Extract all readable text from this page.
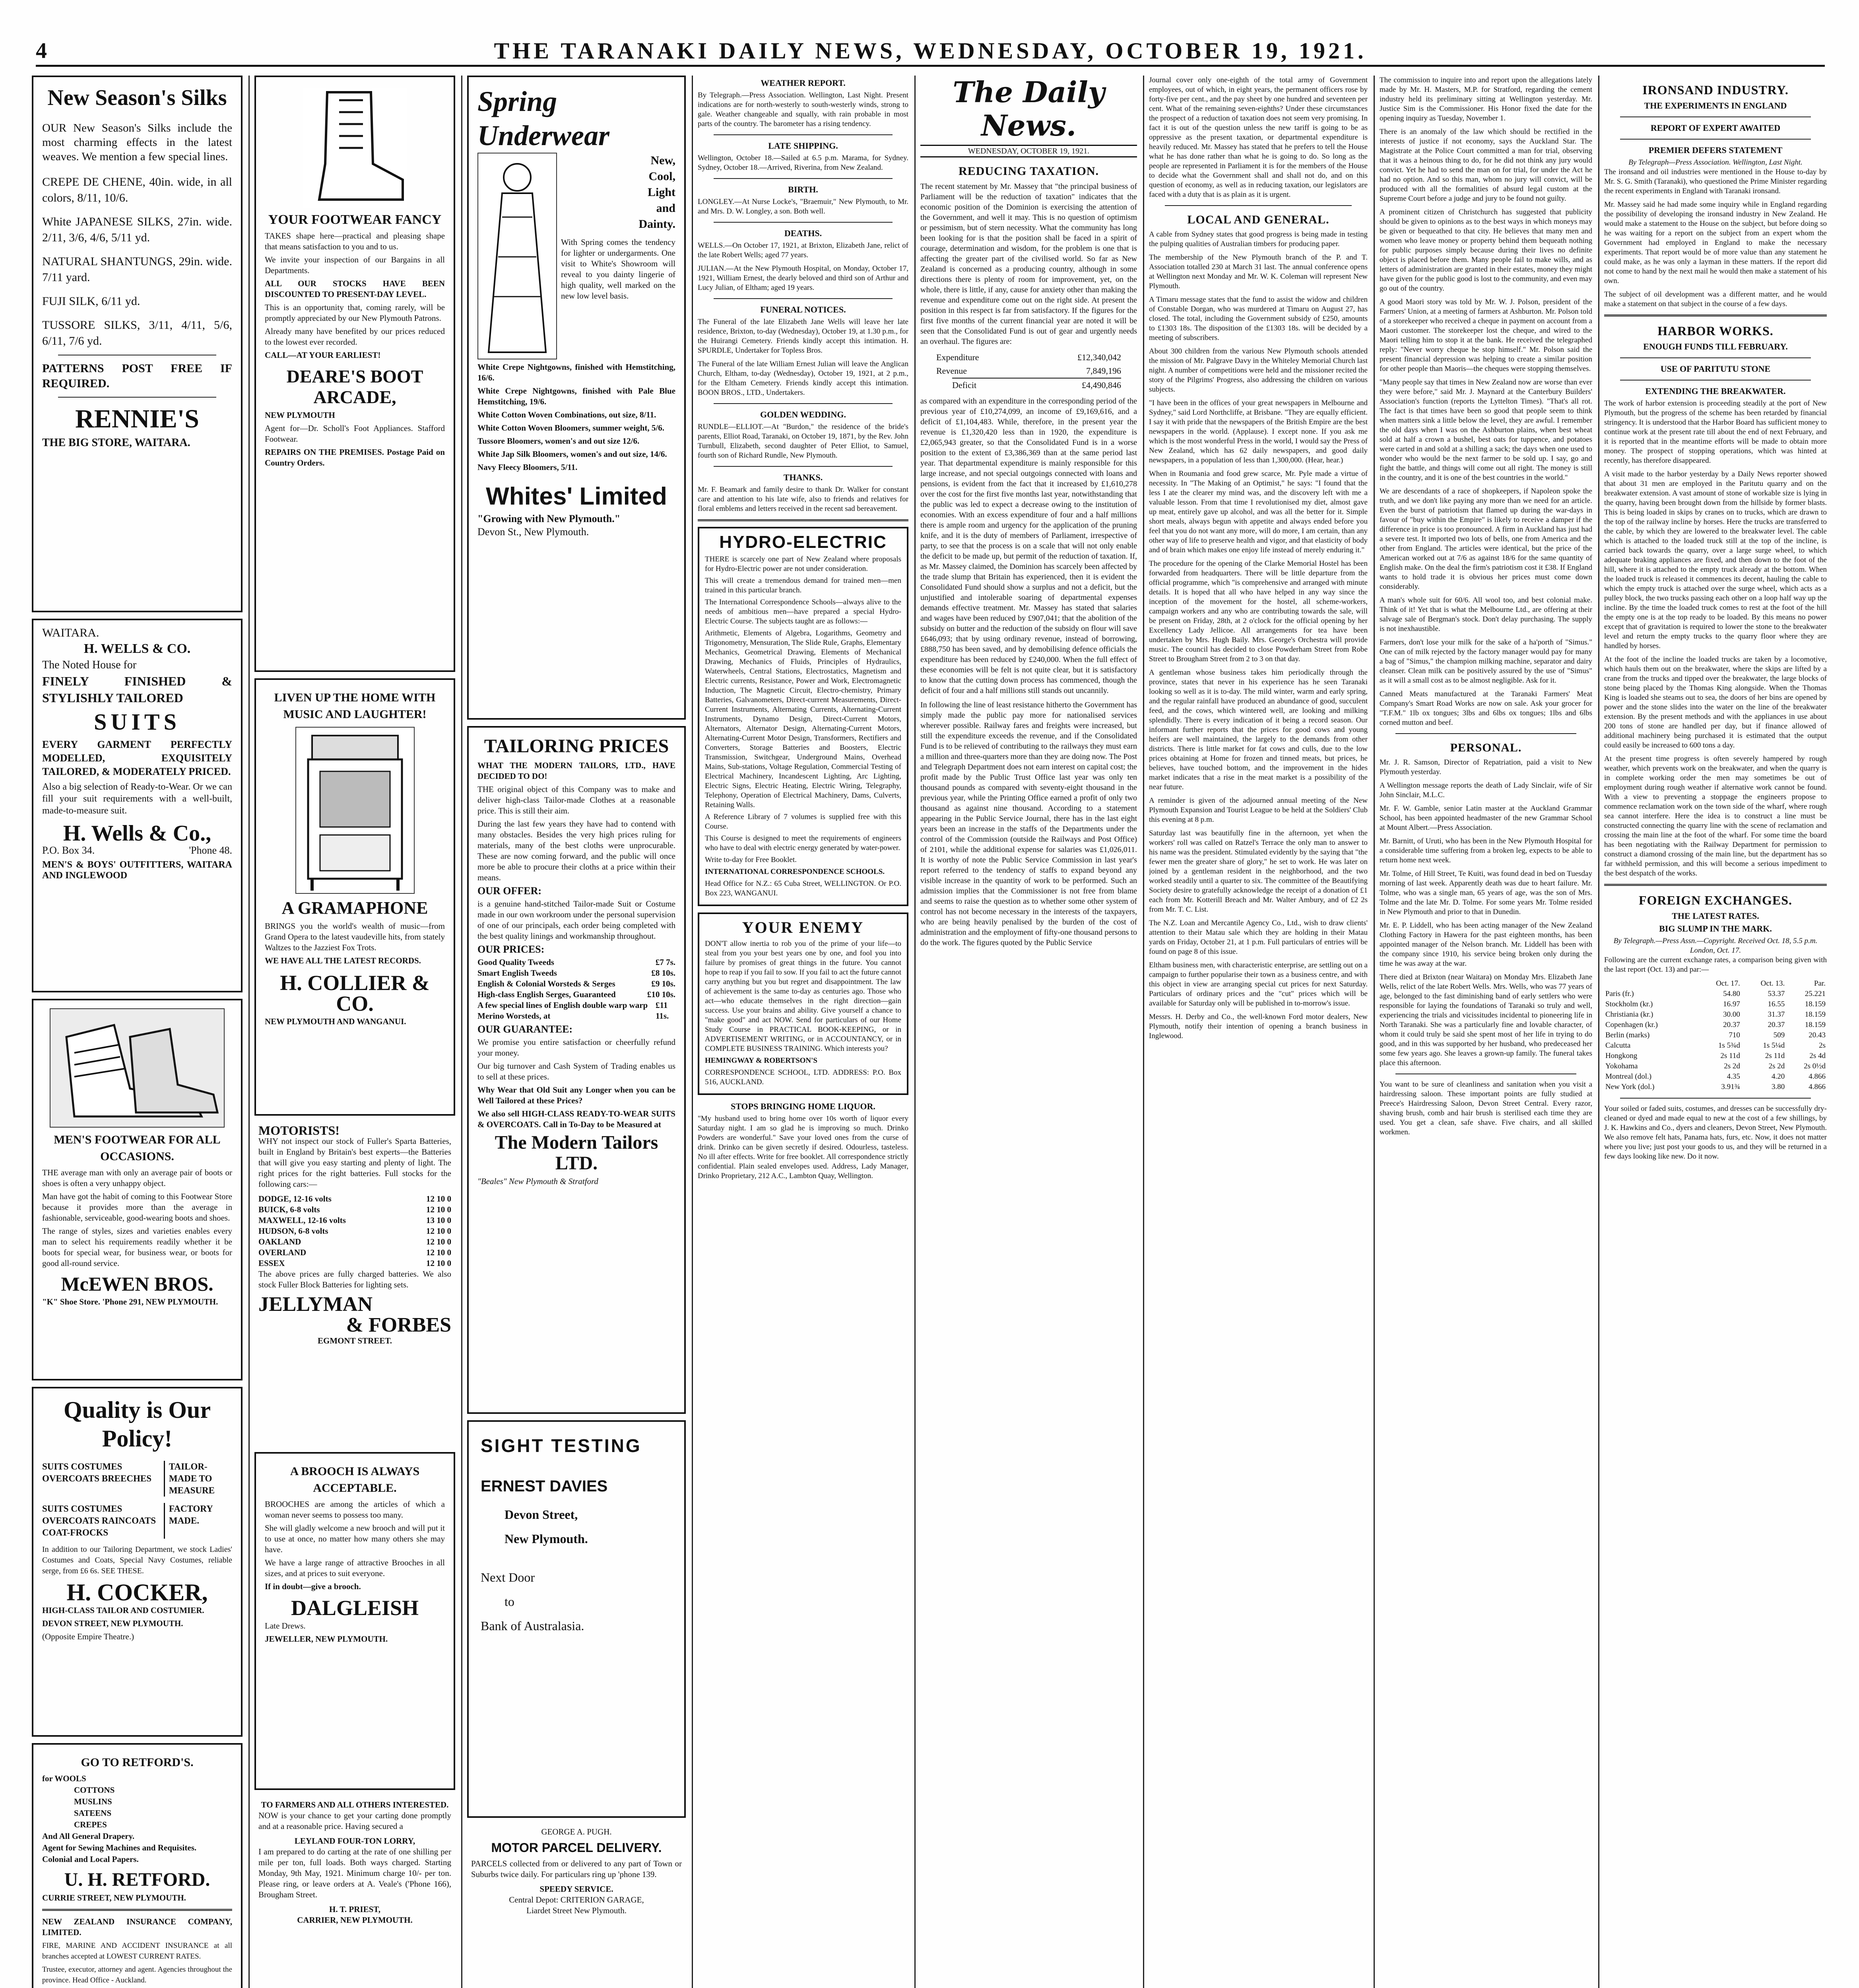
4	THE TARANAKI DAILY NEWS, WEDNESDAY, OCTOBER 19, 1921.
New Season's Silks

OUR New Season's Silks include the most charming effects in the latest weaves. We mention a few special lines.

CREPE DE CHENE, 40in. wide, in all colors, 8/11, 10/6.

White JAPANESE SILKS, 27in. wide. 2/11, 3/6, 4/6, 5/11 yd.

NATURAL SHANTUNGS, 29in. wide. 7/11 yard.

FUJI SILK, 6/11 yd.

TUSSORE SILKS, 3/11, 4/11, 5/6, 6/11, 7/6 yd.

PATTERNS POST FREE IF REQUIRED.

RENNIE'S

THE BIG STORE, WAITARA.

WAITARA.

H. WELLS & CO.

The Noted House for

FINELY FINISHED & STYLISHLY TAILORED

SUITS

EVERY GARMENT PERFECTLY MODELLED, EXQUISITELY TAILORED, & MODERATELY PRICED.

Also a big selection of Ready-to-Wear. Or we can fill your suit requirements with a well-built, made-to-measure suit.

H. Wells & Co.,
P.O. Box 34.	'Phone 48.

MEN'S & BOYS' OUTFITTERS, WAITARA AND INGLEWOOD

MEN'S FOOTWEAR FOR ALL OCCASIONS.

THE average man with only an average pair of boots or shoes is often a very unhappy object.

Man have got the habit of coming to this Footwear Store because it provides more than the average in fashionable, serviceable, good-wearing boots and shoes.

The range of styles, sizes and varieties enables every man to select his requirements readily whether it be boots for special wear, for business wear, or boots for good all-round service.

McEWEN BROS.

"K" Shoe Store. 'Phone 291, NEW PLYMOUTH.

Quality is Our Policy!
SUITS COSTUMES OVERCOATS BREECHES
TAILOR-MADE TO MEASURE
SUITS COSTUMES OVERCOATS RAINCOATS COAT-FROCKS
FACTORY MADE.

In addition to our Tailoring Department, we stock Ladies' Costumes and Coats, Special Navy Costumes, reliable serge, from £6 6s. SEE THESE.

H. COCKER,

HIGH-CLASS TAILOR AND COSTUMIER.

DEVON STREET, NEW PLYMOUTH.

(Opposite Empire Theatre.)

GO TO RETFORD'S.

for WOOLS

COTTONS

MUSLINS

SATEENS

CREPES

And All General Drapery.

Agent for Sewing Machines and Requisites.

Colonial and Local Papers.

U. H. RETFORD.

CURRIE STREET, NEW PLYMOUTH.

NEW ZEALAND INSURANCE COMPANY, LIMITED.

FIRE, MARINE AND ACCIDENT INSURANCE at all branches accepted at LOWEST CURRENT RATES.

Trustee, executor, attorney and agent. Agencies throughout the province. Head Office - Auckland.

YOUR FOOTWEAR FANCY

TAKES shape here—practical and pleasing shape that means satisfaction to you and to us.

We invite your inspection of our Bargains in all Departments.

ALL OUR STOCKS HAVE BEEN DISCOUNTED TO PRESENT-DAY LEVEL.

This is an opportunity that, coming rarely, will be promptly appreciated by our New Plymouth Patrons.

Already many have benefited by our prices reduced to the lowest ever recorded.

CALL—AT YOUR EARLIEST!

DEARE'S BOOT ARCADE,

NEW PLYMOUTH

Agent for—Dr. Scholl's Foot Appliances. Stafford Footwear.

REPAIRS ON THE PREMISES. Postage Paid on Country Orders.

LIVEN UP THE HOME WITH MUSIC AND LAUGHTER!
A GRAMAPHONE

BRINGS you the world's wealth of music—from Grand Opera to the latest vaudeville hits, from stately Waltzes to the Jazziest Fox Trots.

WE HAVE ALL THE LATEST RECORDS.

H. COLLIER & CO.

NEW PLYMOUTH AND WANGANUI.

MOTORISTS!

WHY not inspect our stock of Fuller's Sparta Batteries, built in England by Britain's best experts—the Batteries that will give you easy starting and plenty of light. The right prices for the right batteries. Full stocks for the following cars:—

DODGE, 12-16 volts	12 10 0
BUICK, 6-8 volts	12 10 0
MAXWELL, 12-16 volts	13 10 0
HUDSON, 6-8 volts	12 10 0
OAKLAND	12 10 0
OVERLAND	12 10 0
ESSEX	12 10 0

The above prices are fully charged batteries. We also stock Fuller Block Batteries for lighting sets.

JELLYMAN
& FORBES

EGMONT STREET.

A BROOCH IS ALWAYS ACCEPTABLE.

BROOCHES are among the articles of which a woman never seems to possess too many.

She will gladly welcome a new brooch and will put it to use at once, no matter how many others she may have.

We have a large range of attractive Brooches in all sizes, and at prices to suit everyone.

If in doubt—give a brooch.

DALGLEISH

Late Drews.

JEWELLER, NEW PLYMOUTH.

TO FARMERS AND ALL OTHERS INTERESTED.

NOW is your chance to get your carting done promptly and at a reasonable price. Having secured a

LEYLAND FOUR-TON LORRY,

I am prepared to do carting at the rate of one shilling per mile per ton, full loads. Both ways charged. Starting Monday, 9th May, 1921. Minimum charge 10/- per ton. Please ring, or leave orders at A. Veale's ('Phone 166), Brougham Street.

H. T. PRIEST,

CARRIER, NEW PLYMOUTH.

Spring
Underwear
New,
Cool,
Light
and
Dainty.

With Spring comes the tendency for lighter or undergarments. One visit to White's Showroom will reveal to you dainty lingerie of high quality, well marked on the new low level basis.

White Crepe Nightgowns, finished with Hemstitching, 16/6.

White Crepe Nightgowns, finished with Pale Blue Hemstitching, 19/6.

White Cotton Woven Combinations, out size, 8/11.

White Cotton Woven Bloomers, summer weight, 5/6.

Tussore Bloomers, women's and out size 12/6.

White Jap Silk Bloomers, women's and out size, 14/6.

Navy Fleecy Bloomers, 5/11.

Whites' Limited

"Growing with New Plymouth."

Devon St., New Plymouth.

TAILORING PRICES

WHAT THE MODERN TAILORS, LTD., HAVE DECIDED TO DO!

THE original object of this Company was to make and deliver high-class Tailor-made Clothes at a reasonable price. This is still their aim.

During the last few years they have had to contend with many obstacles. Besides the very high prices ruling for materials, many of the best cloths were unprocurable. These are now coming forward, and the public will once more be able to procure their cloths at a price within their means.

OUR OFFER:

is a genuine hand-stitched Tailor-made Suit or Costume made in our own workroom under the personal supervision of one of our principals, each order being completed with the best quality linings and workmanship throughout.

OUR PRICES:

Good Quality Tweeds	£7 7s.
Smart English Tweeds	£8 10s.
English & Colonial Worsteds & Serges	£9 10s.
High-class English Serges, Guaranteed	£10 10s.
A few special lines of English double warp warp Merino Worsteds, at
£11 11s.

OUR GUARANTEE:

We promise you entire satisfaction or cheerfully refund your money.

Our big turnover and Cash System of Trading enables us to sell at these prices.

Why Wear that Old Suit any Longer when you can be Well Tailored at these Prices?

We also sell HIGH-CLASS READY-TO-WEAR SUITS & OVERCOATS. Call in To-Day to be Measured at

The Modern Tailors LTD.

"Beales" New Plymouth & Stratford

SIGHT TESTING
ERNEST DAVIES
Devon Street,
New Plymouth.
Next Door
to
Bank of Australasia.

GEORGE A. PUGH.

MOTOR PARCEL DELIVERY.

PARCELS collected from or delivered to any part of Town or Suburbs twice daily. For particulars ring up 'phone 139.

SPEEDY SERVICE.

Central Depot: CRITERION GARAGE,

Liardet Street New Plymouth.

WEATHER REPORT.

By Telegraph.—Press Association. Wellington, Last Night. Present indications are for north-westerly to south-westerly winds, strong to gale. Weather changeable and squally, with rain probable in most parts of the country. The barometer has a rising tendency.

LATE SHIPPING.

Wellington, October 18.—Sailed at 6.5 p.m. Marama, for Sydney. Sydney, October 18.—Arrived, Riverina, from New Zealand.

BIRTH.

LONGLEY.—At Nurse Locke's, "Braemuir," New Plymouth, to Mr. and Mrs. D. W. Longley, a son. Both well.

DEATHS.

WELLS.—On October 17, 1921, at Brixton, Elizabeth Jane, relict of the late Robert Wells; aged 77 years.

JULIAN.—At the New Plymouth Hospital, on Monday, October 17, 1921, William Ernest, the dearly beloved and third son of Arthur and Lucy Julian, of Eltham; aged 19 years.

FUNERAL NOTICES.

The Funeral of the late Elizabeth Jane Wells will leave her late residence, Brixton, to-day (Wednesday), October 19, at 1.30 p.m., for the Huirangi Cemetery. Friends kindly accept this intimation. H. SPURDLE, Undertaker for Topless Bros.

The Funeral of the late William Ernest Julian will leave the Anglican Church, Eltham, to-day (Wednesday), October 19, 1921, at 2 p.m., for the Eltham Cemetery. Friends kindly accept this intimation. BOON BROS., LTD., Undertakers.

GOLDEN WEDDING.

RUNDLE—ELLIOT.—At "Burdon," the residence of the bride's parents, Elliot Road, Taranaki, on October 19, 1871, by the Rev. John Turnbull, Elizabeth, second daughter of Peter Elliot, to Samuel, fourth son of Richard Rundle, New Plymouth.

THANKS.

Mr. F. Beamark and family desire to thank Dr. Walker for constant care and attention to his late wife, also to friends and relatives for floral emblems and letters received in the recent sad bereavement.

HYDRO-ELECTRIC

THERE is scarcely one part of New Zealand where proposals for Hydro-Electric power are not under consideration.

This will create a tremendous demand for trained men—men trained in this particular branch.

The International Correspondence Schools—always alive to the needs of ambitious men—have prepared a special Hydro-Electric Course. The subjects taught are as follows:—

Arithmetic, Elements of Algebra, Logarithms, Geometry and Trigonometry, Mensuration, The Slide Rule, Graphs, Elementary Mechanics, Geometrical Drawing, Elements of Mechanical Drawing, Mechanics of Fluids, Principles of Hydraulics, Waterwheels, Central Stations, Electrostatics, Magnetism and Electric currents, Resistance, Power and Work, Electromagnetic Induction, The Magnetic Circuit, Electro-chemistry, Primary Batteries, Galvanometers, Direct-current Measurements, Direct-Current Instruments, Alternating Currents, Alternating-Current Instruments, Dynamo Design, Direct-Current Motors, Alternators, Alternator Design, Alternating-Current Motors, Alternating-Current Motor Design, Transformers, Rectifiers and Converters, Storage Batteries and Boosters, Electric Transmission, Switchgear, Underground Mains, Overhead Mains, Sub-stations, Voltage Regulation, Commercial Testing of Electrical Machinery, Incandescent Lighting, Arc Lighting, Electric Signs, Electric Heating, Electric Wiring, Telegraphy, Telephony, Operation of Electrical Machinery, Dams, Culverts, Retaining Walls.

A Reference Library of 7 volumes is supplied free with this Course.

This Course is designed to meet the requirements of engineers who have to deal with electric energy generated by water-power.

Write to-day for Free Booklet.

INTERNATIONAL CORRESPONDENCE SCHOOLS.

Head Office for N.Z.: 65 Cuba Street, WELLINGTON. Or P.O. Box 223, WANGANUI.

YOUR ENEMY

DON'T allow inertia to rob you of the prime of your life—to steal from you your best years one by one, and fool you into failure by promises of great things in the future. You cannot hope to reap if you fail to sow. If you fail to act the future cannot carry anything but you but regret and disappointment. The law of achievement is the same to-day as centuries ago. Those who act—who educate themselves in the right direction—gain success. Use your brains and ability. Give yourself a chance to "make good" and act NOW. Send for particulars of our Home Study Course in PRACTICAL BOOK-KEEPING, or in ADVERTISEMENT WRITING, or in ACCOUNTANCY, or in COMPLETE BUSINESS TRAINING. Which interests you?

HEMINGWAY & ROBERTSON'S

CORRESPONDENCE SCHOOL, LTD. ADDRESS: P.O. Box 516, AUCKLAND.

STOPS BRINGING HOME LIQUOR.

"My husband used to bring home over 10s worth of liquor every Saturday night. I am so glad he is improving so much. Drinko Powders are wonderful." Save your loved ones from the curse of drink. Drinko can be given secretly if desired. Odourless, tasteless. No ill after effects. Write for free booklet. All correspondence strictly confidential. Plain sealed envelopes used. Address, Lady Manager, Drinko Proprietary, 212 A.C., Lambton Quay, Wellington.

The Daily News.
WEDNESDAY, OCTOBER 19, 1921.
REDUCING TAXATION.

The recent statement by Mr. Massey that "the principal business of Parliament will be the reduction of taxation" indicates that the economic position of the Dominion is exercising the attention of the Government, and well it may. This is no question of optimism or pessimism, but of stern necessity. What the community has long been looking for is that the position shall be faced in a spirit of courage, determination and wisdom, for the problem is one that is affecting the greater part of the civilised world. So far as New Zealand is concerned as a producing country, although in some directions there is plenty of room for improvement, yet, on the whole, there is little, if any, cause for anxiety other than making the revenue and expenditure come out on the right side. At present the position in this respect is far from satisfactory. If the figures for the first five months of the current financial year are noted it will be seen that the Consolidated Fund is out of gear and urgently needs an overhaul. The figures are:

Expenditure	£12,340,042
Revenue	7,849,196
Deficit	£4,490,846

as compared with an expenditure in the corresponding period of the previous year of £10,274,099, an income of £9,169,616, and a deficit of £1,104,483. While, therefore, in the present year the revenue is £1,320,420 less than in 1920, the expenditure is £2,065,943 greater, so that the Consolidated Fund is in a worse position to the extent of £3,386,369 than at the same period last year. That departmental expenditure is mainly responsible for this large increase, and not special outgoings connected with loans and pensions, is evident from the fact that it increased by £1,610,278 over the cost for the first five months last year, notwithstanding that the public was led to expect a decrease owing to the institution of economies. With an excess expenditure of four and a half millions there is ample room and urgency for the application of the pruning knife, and it is the duty of members of Parliament, irrespective of party, to see that the process is on a scale that will not only enable the deficit to be made up, but permit of the reduction of taxation. If, as Mr. Massey claimed, the Dominion has scarcely been affected by the trade slump that Britain has experienced, then it is evident the Consolidated Fund should show a surplus and not a deficit, but the unjustified and intolerable soaring of departmental expenses demands effective treatment. Mr. Massey has stated that salaries and wages have been reduced by £907,041; that the abolition of the subsidy on butter and the reduction of the subsidy on flour will save £646,093; that by using ordinary revenue, instead of borrowing, £888,750 has been saved, and by demobilising defence officials the expenditure has been reduced by £240,000. When the full effect of these economies will be felt is not quite clear, but it is satisfactory to know that the cutting down process has commenced, though the deficit of four and a half millions still stands out uncannily.

In following the line of least resistance hitherto the Government has simply made the public pay more for nationalised services wherever possible. Railway fares and freights were increased, but still the expenditure exceeds the revenue, and if the Consolidated Fund is to be relieved of contributing to the railways they must earn a million and three-quarters more than they are doing now. The Post and Telegraph Department does not earn interest on capital cost; the profit made by the Public Trust Office last year was only ten thousand pounds as compared with seventy-eight thousand in the previous year, while the Printing Office earned a profit of only two thousand as against nine thousand. According to a statement appearing in the Public Service Journal, there has in the last eight years been an increase in the staffs of the Departments under the control of the Commission (outside the Railways and Post Office) of 2101, while the additional expense for salaries was £1,026,011. It is worthy of note the Public Service Commission in last year's report referred to the tendency of staffs to expand beyond any visible increase in the quantity of work to be performed. Such an admission implies that the Commissioner is not free from blame and seems to raise the question as to whether some other system of control has not become necessary in the interests of the taxpayers, who are being heavily penalised by the burden of the cost of administration and the employment of fifty-one thousand persons to do the work. The figures quoted by the Public Service

Journal cover only one-eighth of the total army of Government employees, out of which, in eight years, the permanent officers rose by forty-five per cent., and the pay sheet by one hundred and seventeen per cent. What of the remaining seven-eighths? Under these circumstances the prospect of a reduction of taxation does not seem very promising. In fact it is out of the question unless the new tariff is going to be as oppressive as the present taxation, or departmental expenditure is heavily reduced. Mr. Massey has stated that he prefers to tell the House what he has done rather than what he is going to do. So long as the people are represented in Parliament it is for the members of the House to decide what the Government shall and shall not do, and on this question of economy, as well as in reducing taxation, our legislators are faced with a duty that is as plain as it is urgent.

LOCAL AND GENERAL.

A cable from Sydney states that good progress is being made in testing the pulping qualities of Australian timbers for producing paper.

The membership of the New Plymouth branch of the P. and T. Association totalled 230 at March 31 last. The annual conference opens at Wellington next Monday and Mr. W. K. Coleman will represent New Plymouth.

A Timaru message states that the fund to assist the widow and children of Constable Dorgan, who was murdered at Timaru on August 27, has closed. The total, including the Government subsidy of £250, amounts to £1303 18s. The disposition of the £1303 18s. will be decided by a meeting of subscribers.

About 300 children from the various New Plymouth schools attended the mission of Mr. Palgrave Davy in the Whiteley Memorial Church last night. A number of competitions were held and the missioner recited the story of the Pilgrims' Progress, also addressing the children on various subjects.

"I have been in the offices of your great newspapers in Melbourne and Sydney," said Lord Northcliffe, at Brisbane. "They are equally efficient. I say it with pride that the newspapers of the British Empire are the best newspapers in the world. (Applause). I except none. If you ask me which is the most wonderful Press in the world, I would say the Press of New Zealand, which has 62 daily newspapers, and good daily newspapers, in a population of less than 1,300,000. (Hear, hear.)

When in Roumania and food grew scarce, Mr. Pyle made a virtue of necessity. In "The Making of an Optimist," he says: "I found that the less I ate the clearer my mind was, and the discovery left with me a valuable lesson. From that time I revolutionised my diet, almost gave up meat, entirely gave up alcohol, and was all the better for it. Simple short meals, always begun with appetite and always ended before you feel that you do not want any more, will do more, I am certain, than any other way of life to preserve health and vigor, and that elasticity of body and of brain which makes one enjoy life instead of merely enduring it."

The procedure for the opening of the Clarke Memorial Hostel has been forwarded from headquarters. There will be little departure from the official programme, which "is comprehensive and arranged with minute details. It is hoped that all who have helped in any way since the inception of the movement for the hostel, all scheme-workers, campaign workers and any who are contributing towards the sale, will be present on Friday, 28th, at 2 o'clock for the official opening by her Excellency Lady Jellicoe. All arrangements for tea have been undertaken by Mrs. Hugh Baily. Mrs. George's Orchestra will provide music. The council has decided to close Powderham Street from Robe Street to Brougham Street from 2 to 3 on that day.

A gentleman whose business takes him periodically through the province, states that never in his experience has he seen Taranaki looking so well as it is to-day. The mild winter, warm and early spring, and the regular rainfall have produced an abundance of good, succulent feed, and the cows, which wintered well, are looking and milking splendidly. There is every indication of it being a record season. Our informant further reports that the prices for good cows and young heifers are well maintained, the largely to the demands from other districts. There is little market for fat cows and culls, due to the low prices obtaining at Home for frozen and tinned meats, but prices, he believes, have touched bottom, and the improvement in the hides market indicates that a rise in the meat market is a possibility of the near future.

A reminder is given of the adjourned annual meeting of the New Plymouth Expansion and Tourist League to be held at the Soldiers' Club this evening at 8 p.m.

Saturday last was beautifully fine in the afternoon, yet when the workers' roll was called on Ratzel's Terrace the only man to answer to his name was the president. Stimulated evidently by the saying that "the fewer men the greater share of glory," he set to work. He was later on joined by a gentleman resident in the neighborhood, and the two worked steadily until a quarter to six. The committee of the Beautifying Society desire to gratefully acknowledge the receipt of a donation of £1 each from Mr. Kotterill Breach and Mr. Walter Ambury, and of £2 2s from Mr. T. C. List.

The N.Z. Loan and Mercantile Agency Co., Ltd., wish to draw clients' attention to their Matau sale which they are holding in their Matau yards on Friday, October 21, at 1 p.m. Full particulars of entries will be found on page 8 of this issue.

Eltham business men, with characteristic enterprise, are settling out on a campaign to further popularise their town as a business centre, and with this object in view are arranging special cut prices for next Saturday. Particulars of ordinary prices and the "cut" prices which will be available for Saturday only will be published in to-morrow's issue.

Messrs. H. Derby and Co., the well-known Ford motor dealers, New Plymouth, notify their intention of opening a branch business in Inglewood.

The commission to inquire into and report upon the allegations lately made by Mr. H. Masters, M.P. for Stratford, regarding the cement industry held its preliminary sitting at Wellington yesterday. Mr. Justice Sim is the Commissioner. His Honor fixed the date for the opening inquiry as Tuesday, November 1.

There is an anomaly of the law which should be rectified in the interests of justice if not economy, says the Auckland Star. The Magistrate at the Police Court committed a man for trial, observing that it was a heinous thing to do, for he did not think any jury would convict. Yet he had to send the man on for trial, for under the Act he had no option. And so this man, whom no jury will convict, will be produced with all the formalities of absurd legal custom at the Supreme Court before a judge and jury to be found not guilty.

A prominent citizen of Christchurch has suggested that publicity should be given to opinions as to the best ways in which moneys may be given or bequeathed to that city. He believes that many men and women who leave money or property behind them bequeath nothing for public purposes simply because during their lives no definite object is placed before them. Many people fail to make wills, and as letters of administration are granted in their estates, money they might have given for the public good is lost to the community, and even may go out of the country.

A good Maori story was told by Mr. W. J. Polson, president of the Farmers' Union, at a meeting of farmers at Ashburton. Mr. Polson told of a storekeeper who received a cheque in payment on account from a Maori customer. The storekeeper lost the cheque, and wired to the Maori telling him to stop it at the bank. He received the telegraphed reply: "Never worry cheque he stop himself." Mr. Polson said the present financial depression was helping to create a similar position for other people than Maoris—the cheques were stopping themselves.

"Many people say that times in New Zealand now are worse than ever they were before," said Mr. J. Maynard at the Canterbury Builders' Association's function (reports the Lyttelton Times). "That's all rot. The fact is that times have been so good that people seem to think when matters sink a little below the level, they are awful. I remember the old days when I was on the Ashburton plains, when best wheat sold at half a crown a bushel, best oats for tuppence, and potatoes were carted in and sold at a shilling a sack; the days when one used to wonder who would be the next farmer to be sold up. I say, go and fight the battle, and things will come out all right. The money is still in the country, and it is one of the best countries in the world."

We are descendants of a race of shopkeepers, if Napoleon spoke the truth, and we don't like paying any more than we need for an article. Even the burst of patriotism that flamed up during the war-days in favour of "buy within the Empire" is likely to receive a damper if the difference in price is too pronounced. A firm in Auckland has just had a severe test. It imported two lots of bells, one from America and the other from England. The articles were identical, but the price of the American worked out at 7/6 as against 18/6 for the same quantity of English make. On the deal the firm's patriotism cost it £38. If England wants to hold trade it is obvious her prices must come down considerably.

A man's whole suit for 60/6. All wool too, and best colonial make. Think of it! Yet that is what the Melbourne Ltd., are offering at their salvage sale of Bergman's stock. Don't delay purchasing. The supply is not inexhaustible.

Farmers, don't lose your milk for the sake of a ha'porth of "Simus." One can of milk rejected by the factory manager would pay for many a bag of "Simus," the champion milking machine, separator and dairy cleanser. Clean milk can be positively assured by the use of "Simus" as it will a small cost as to be almost negligible. Ask for it.

Canned Meats manufactured at the Taranaki Farmers' Meat Company's Smart Road Works are now on sale. Ask your grocer for "T.F.M." 1lb ox tongues; 3lbs and 6lbs ox tongues; 1lbs and 6lbs corned mutton and beef.

PERSONAL.

Mr. J. R. Samson, Director of Repatriation, paid a visit to New Plymouth yesterday.

A Wellington message reports the death of Lady Sinclair, wife of Sir John Sinclair, M.L.C.

Mr. F. W. Gamble, senior Latin master at the Auckland Grammar School, has been appointed headmaster of the new Grammar School at Mount Albert.—Press Association.

Mr. Barnitt, of Uruti, who has been in the New Plymouth Hospital for a considerable time suffering from a broken leg, expects to be able to return home next week.

Mr. Tolme, of Hill Street, Te Kuiti, was found dead in bed on Tuesday morning of last week. Apparently death was due to heart failure. Mr. Tolme, who was a single man, 65 years of age, was the son of Mrs. Tolme and the late Mr. D. Tolme. For some years Mr. Tolme resided in New Plymouth and prior to that in Dunedin.

Mr. E. P. Liddell, who has been acting manager of the New Zealand Clothing Factory in Hawera for the past eighteen months, has been appointed manager of the Nelson branch. Mr. Liddell has been with the company since 1910, his service being broken only during the time he was away at the war.

There died at Brixton (near Waitara) on Monday Mrs. Elizabeth Jane Wells, relict of the late Robert Wells. Mrs. Wells, who was 77 years of age, belonged to the fast diminishing band of early settlers who were responsible for laying the foundations of Taranaki so truly and well, experiencing the trials and vicissitudes incidental to pioneering life in North Taranaki. She was a particularly fine and lovable character, of whom it could truly be said she spent most of her life in trying to do good, and in this was supported by her husband, who predeceased her some few years ago. She leaves a grown-up family. The funeral takes place this afternoon.

You want to be sure of cleanliness and sanitation when you visit a hairdressing saloon. These important points are fully studied at Preece's Hairdressing Saloon, Devon Street Central. Every razor, shaving brush, comb and hair brush is sterilised each time they are used. You get a clean, safe shave. Five chairs, and all skilled workmen.

IRONSAND INDUSTRY.
THE EXPERIMENTS IN ENGLAND
REPORT OF EXPERT AWAITED
PREMIER DEFERS STATEMENT

By Telegraph—Press Association. Wellington, Last Night.

The ironsand and oil industries were mentioned in the House to-day by Mr. S. G. Smith (Taranaki), who questioned the Prime Minister regarding the recent experiments in England with Taranaki ironsand.

Mr. Massey said he had made some inquiry while in England regarding the possibility of developing the ironsand industry in New Zealand. He would make a statement to the House on the subject, but before doing so he was waiting for a report on the subject from an expert whom the Government had employed in England to make the necessary experiments. That report would be of more value than any statement he could make, as he was only a layman in these matters. If the report did not come to hand by the next mail he would then make a statement of his own.

The subject of oil development was a different matter, and he would make a statement on that subject in the course of a few days.

HARBOR WORKS.
ENOUGH FUNDS TILL FEBRUARY.
USE OF PARITUTU STONE
EXTENDING THE BREAKWATER.

The work of harbor extension is proceeding steadily at the port of New Plymouth, but the progress of the scheme has been retarded by financial stringency. It is understood that the Harbor Board has sufficient money to continue work at the present rate till about the end of next February, and it is reported that in the meantime efforts will be made to obtain more money. The prospect of stopping operations, which was hinted at recently, has therefore disappeared.

A visit made to the harbor yesterday by a Daily News reporter showed that about 31 men are employed in the Paritutu quarry and on the breakwater extension. A vast amount of stone of workable size is lying in the quarry, having been brought down from the hillside by former blasts. This is being loaded in skips by cranes on to trucks, which are drawn to the top of the railway incline by horses. Here the trucks are transferred to the cable, by which they are lowered to the breakwater level. The cable which is attached to the loaded truck still at the top of the incline, is carried back towards the quarry, over a large surge wheel, to which adequate braking appliances are fixed, and then down to the foot of the hill, where it is attached to the empty truck already at the bottom. When the loaded truck is released it commences its decent, hauling the cable to which the empty truck is attached over the surge wheel, which acts as a pulley block, the two trucks passing each other on a loop half way up the incline. By the time the loaded truck comes to rest at the foot of the hill the empty one is at the top ready to be loaded. By this means no power except that of gravitation is required to lower the stone to the breakwater level and return the empty trucks to the quarry floor where they are handled by horses.

At the foot of the incline the loaded trucks are taken by a locomotive, which hauls them out on the breakwater, where the skips are lifted by a crane from the trucks and tipped over the breakwater, the large blocks of stone being placed by the Thomas King alongside. When the Thomas King is loaded she steams out to sea, the doors of her bins are opened by power and the stone slides into the water on the line of the breakwater extension. By the present methods and with the appliances in use about 200 tons of stone are handled per day, but if finance allowed of additional machinery being purchased it is estimated that the output could easily be increased to 600 tons a day.

At the present time progress is often severely hampered by rough weather, which prevents work on the breakwater, and when the quarry is in complete working order the men may sometimes be out of employment during rough weather if alternative work cannot be found. With a view to preventing a stoppage the engineers propose to commence reclamation work on the town side of the wharf, where rough sea cannot interfere. Here the idea is to construct a line must be constructed connecting the quarry line with the scene of reclamation and crossing the main line at the foot of the wharf. For some time the board has been negotiating with the Railway Department for permission to construct a diamond crossing of the main line, but the department has so far withheld permission, and this will become a serious impediment to the best despatch of the works.

FOREIGN EXCHANGES.
THE LATEST RATES.
BIG SLUMP IN THE MARK.

By Telegraph.—Press Assn.—Copyright. Received Oct. 18, 5.5 p.m. London, Oct. 17.

Following are the current exchange rates, a comparison being given with the last report (Oct. 13) and par:—

	Oct. 17.	Oct. 13.	Par.
Paris (fr.)	54.80	53.37	25.221
Stockholm (kr.)	16.97	16.55	18.159
Christiania (kr.)	30.00	31.37	18.159
Copenhagen (kr.)	20.37	20.37	18.159
Berlin (marks)	710	509	20.43
Calcutta	1s 5¾d	1s 5¼d	2s
Hongkong	2s 11d	2s 11d	2s 4d
Yokohama	2s 2d	2s 2d	2s 0½d
Montreal (dol.)	4.35	4.20	4.866
New York (dol.)	3.91¾	3.80	4.866

Your soiled or faded suits, costumes, and dresses can be successfully dry-cleaned or dyed and made equal to new at the cost of a few shillings, by J. K. Hawkins and Co., dyers and cleaners, Devon Street, New Plymouth. We also remove felt hats, Panama hats, furs, etc. Now, it does not matter where you live; just post your goods to us, and they will be returned in a few days looking like new. Do it now.
